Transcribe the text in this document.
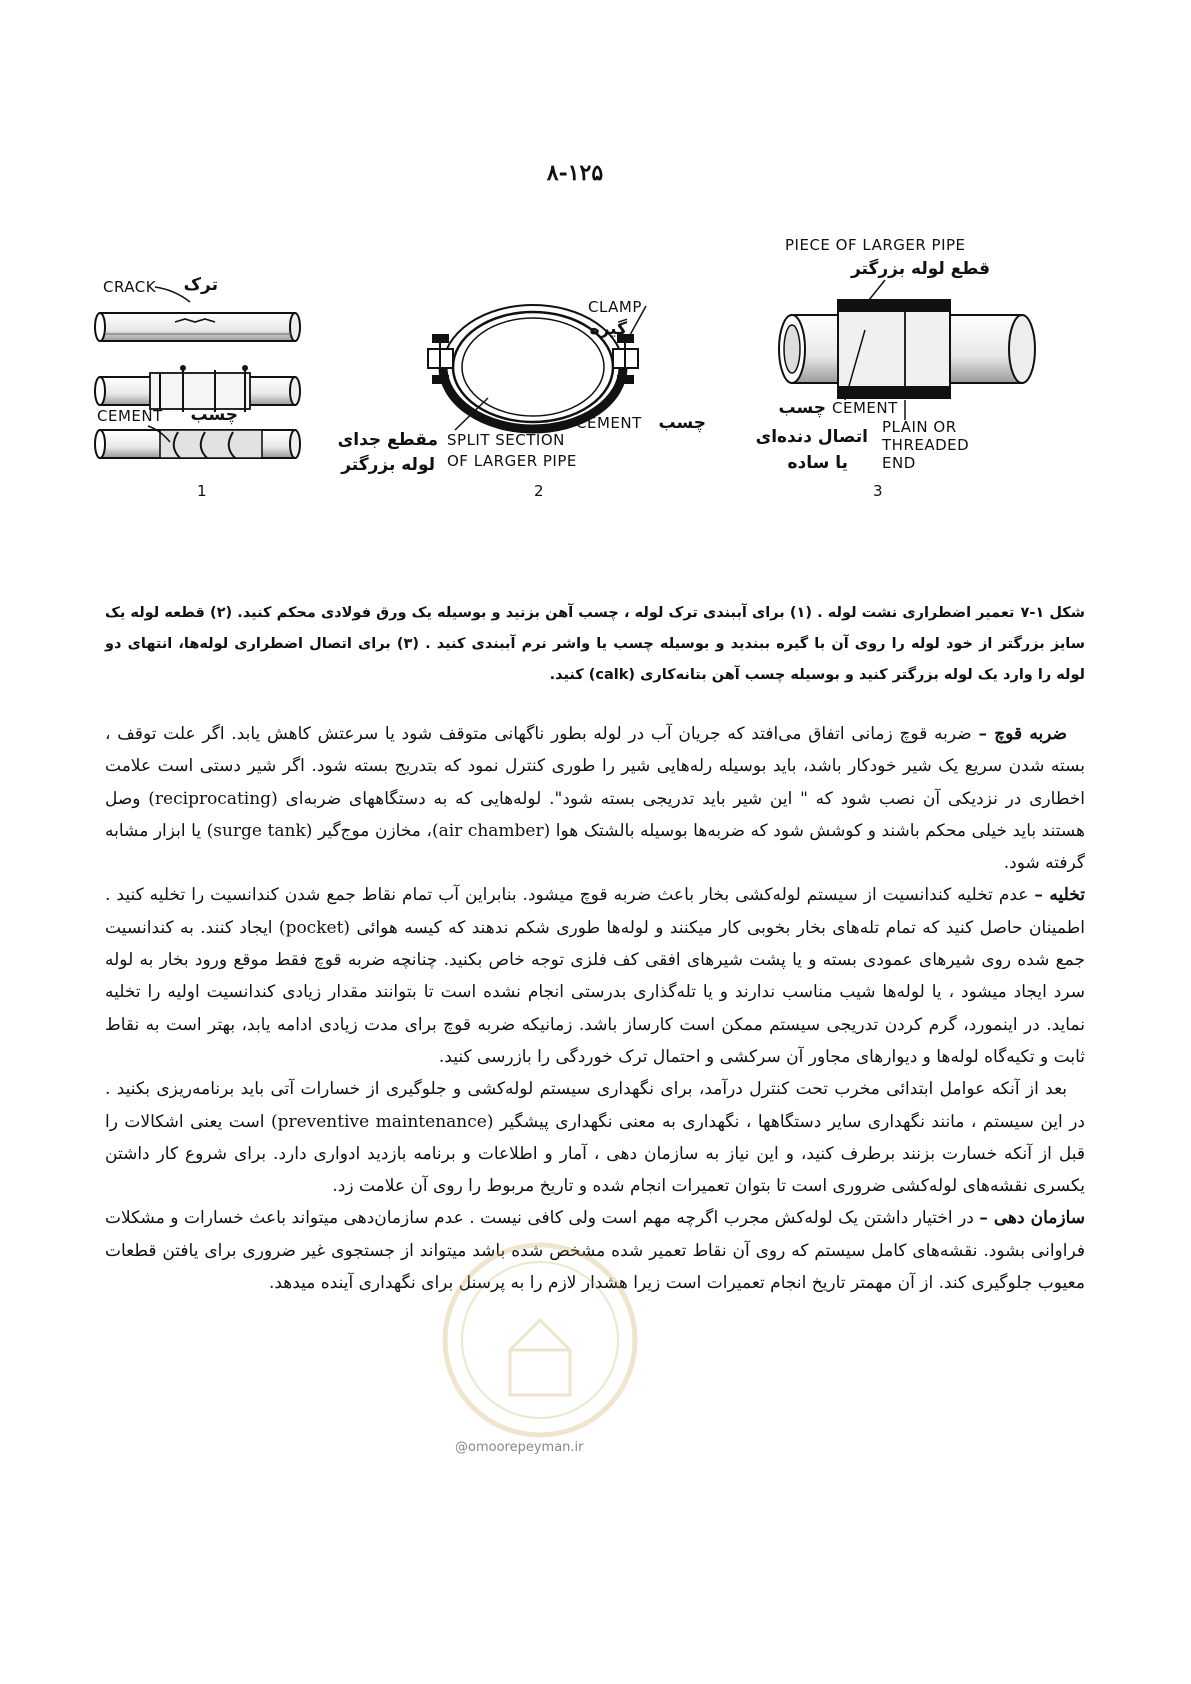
۸-۱۲۵
CRACK ترک
CEMENT چسب
1
CLAMP
گیره
CEMENT چسب
SPLIT SECTION
OF LARGER PIPE
مقطع جدای
لوله بزرگتر
2
PIECE OF LARGER PIPE
قطع لوله بزرگتر
CEMENT
چسب
PLAIN OR
THREADED
END
اتصال دنده‌ای
یا ساده
3

شکل ۱-۷تعمیر اضطراری نشت لوله . (۱) برای آببندی ترک لوله ، چسب آهن بزنید و بوسیله یک ورق فولادی محکم کنید. (۲) قطعه لوله یک سایز بزرگتر از خود لوله را روی آن با گیره ببندید و بوسیله چسب یا واشر نرم آببندی کنید . (۳) برای اتصال اضطراری لوله‌ها، انتهای دو لوله را وارد یک لوله بزرگتر کنید و بوسیله چسب آهن بتانه‌کاری (calk) کنید.

ضربه قوچ – ضربه قوچ زمانی اتفاق می‌افتد که جریان آب در لوله بطور ناگهانی متوقف شود یا سرعتش کاهش یابد. اگر علت توقف ، بسته شدن سریع یک شیر خودکار باشد، باید بوسیله رله‌هایی شیر را طوری کنترل نمود که بتدریج بسته شود. اگر شیر دستی است علامت اخطاری در نزدیکی آن نصب شود که " این شیر باید تدریجی بسته شود". لوله‌هایی که به دستگاههای ضربه‌ای (reciprocating) وصل هستند باید خیلی محکم باشند و کوشش شود که ضربه‌ها بوسیله بالشتک هوا (air chamber)، مخازن موج‌گیر (surge tank) یا ابزار مشابه گرفته شود.

تخلیه – عدم تخلیه کندانسیت از سیستم لوله‌کشی بخار باعث ضربه قوچ میشود. بنابراین آب تمام نقاط جمع شدن کندانسیت را تخلیه کنید . اطمینان حاصل کنید که تمام تله‌های بخار بخوبی کار میکنند و لوله‌ها طوری شکم ندهند که کیسه هوائی (pocket) ایجاد کنند. به کندانسیت جمع شده روی شیرهای عمودی بسته و یا پشت شیرهای افقی کف فلزی توجه خاص بکنید. چنانچه ضربه قوچ فقط موقع ورود بخار به لوله سرد ایجاد میشود ، یا لوله‌ها شیب مناسب ندارند و یا تله‌گذاری بدرستی انجام نشده است تا بتوانند مقدار زیادی کندانسیت اولیه را تخلیه نماید. در اینمورد، گرم کردن تدریجی سیستم ممکن است کارساز باشد. زمانیکه ضربه قوچ برای مدت زیادی ادامه یابد، بهتر است به نقاط ثابت و تکیه‌گاه لوله‌ها و دیوارهای مجاور آن سرکشی و احتمال ترک خوردگی را بازرسی کنید.

بعد از آنکه عوامل ابتدائی مخرب تحت کنترل درآمد، برای نگهداری سیستم لوله‌کشی و جلوگیری از خسارات آتی باید برنامه‌ریزی بکنید . در این سیستم ، مانند نگهداری سایر دستگاهها ، نگهداری به معنی نگهداری پیشگیر (preventive maintenance) است یعنی اشکالات را قبل از آنکه خسارت بزنند برطرف کنید، و این نیاز به سازمان دهی ، آمار و اطلاعات و برنامه بازدید ادواری دارد. برای شروع کار داشتن یکسری نقشه‌های لوله‌کشی ضروری است تا بتوان تعمیرات انجام شده و تاریخ مربوط را روی آن علامت زد.

سازمان دهی – در اختیار داشتن یک لوله‌کش مجرب اگرچه مهم است ولی کافی نیست . عدم سازمان‌دهی میتواند باعث خسارات و مشکلات فراوانی بشود. نقشه‌های کامل سیستم که روی آن نقاط تعمیر شده مشخص شده باشد میتواند از جستجوی غیر ضروری برای یافتن قطعات معیوب جلوگیری کند. از آن مهمتر تاریخ انجام تعمیرات است زیرا هشدار لازم را به پرسنل برای نگهداری آینده میدهد.

@omoorepeyman.ir
